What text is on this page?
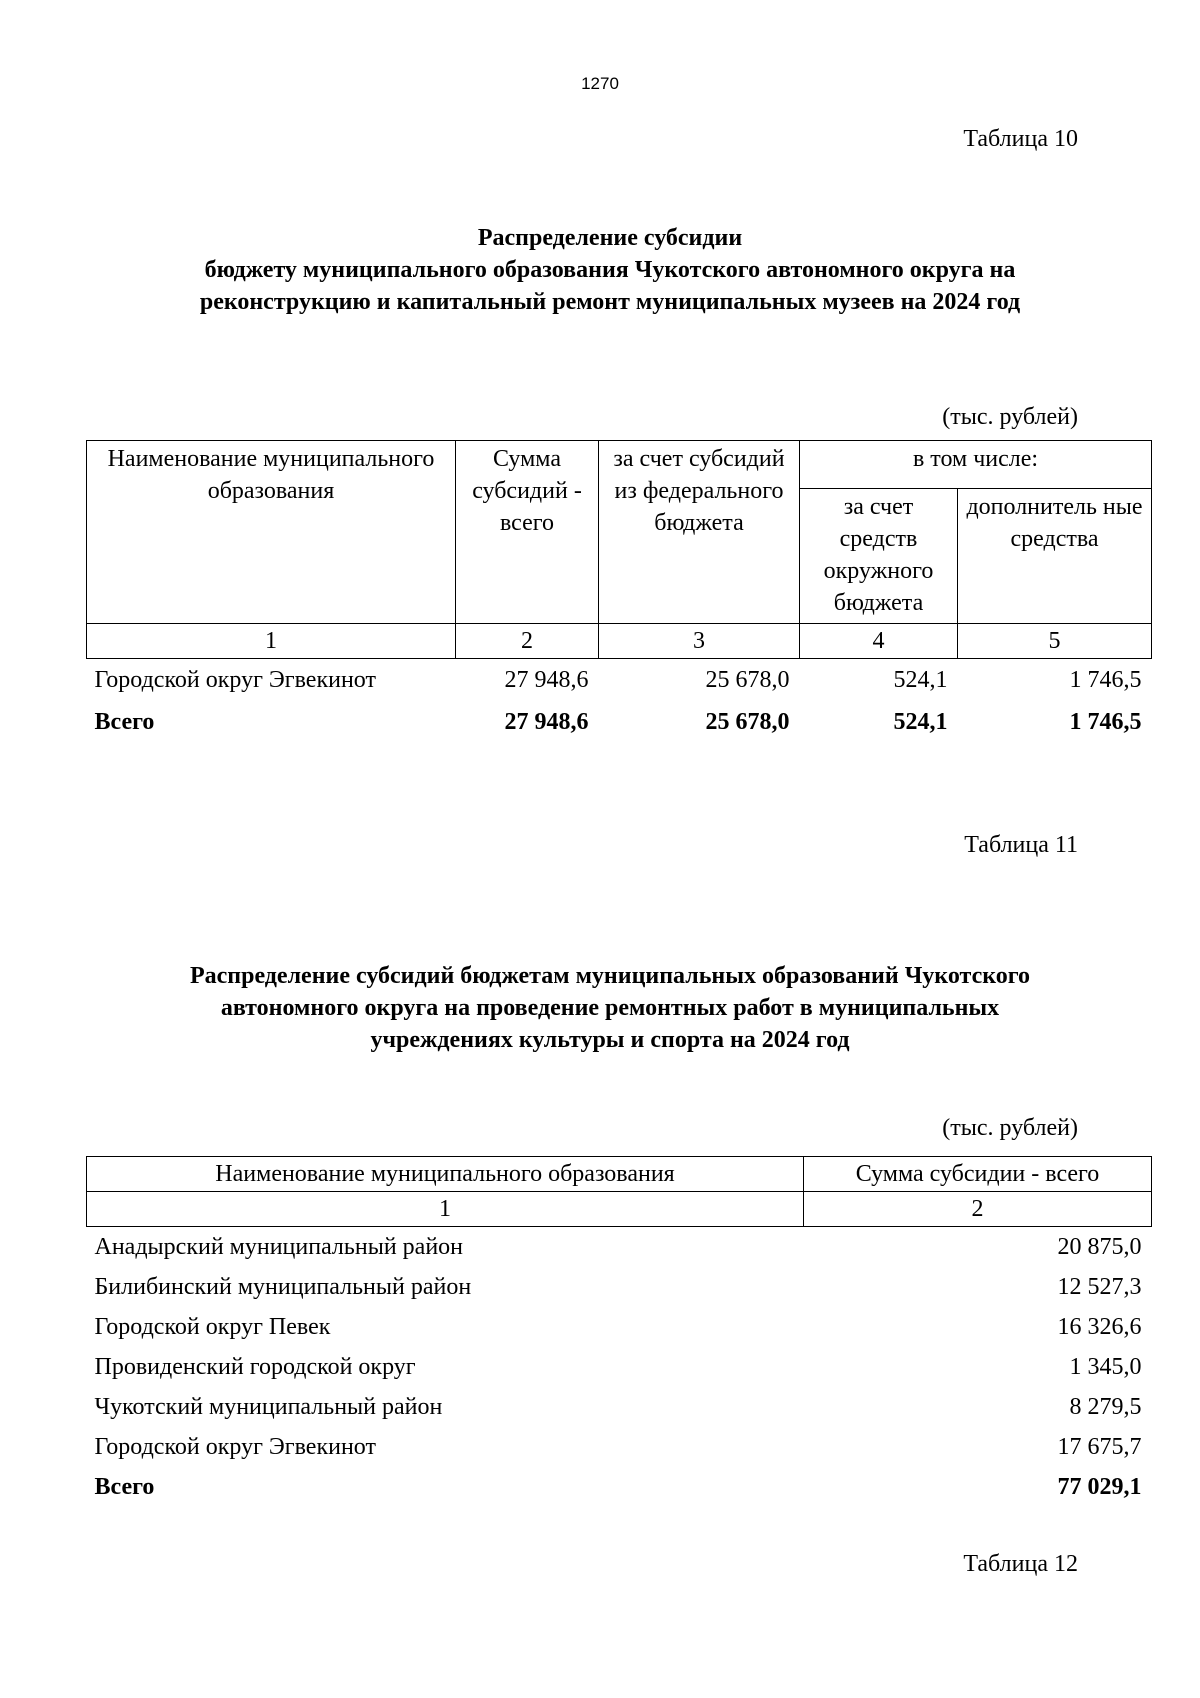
1270
Таблица 10
Распределение субсидии
бюджету муниципального образования Чукотского автономного округа на
реконструкцию и капитальный ремонт муниципальных музеев на 2024 год
(тыс. рублей)
Наименование муниципального образования	Сумма субсидий - всего	за счет субсидий из федерального бюджета	в том числе:	
			за счет средств окружного бюджета	дополнитель ные средства
1	2	3	4	5
Городской округ Эгвекинот	27 948,6	25 678,0	524,1	1 746,5
Всего	27 948,6	25 678,0	524,1	1 746,5
Таблица 11
Распределение субсидий бюджетам муниципальных образований Чукотского
автономного округа на проведение ремонтных работ в муниципальных
учреждениях культуры и спорта на 2024 год
(тыс. рублей)
Наименование муниципального образования	Сумма субсидии - всего
1	2
Анадырский муниципальный район	20 875,0
Билибинский муниципальный район	12 527,3
Городской округ Певек	16 326,6
Провиденский городской округ	1 345,0
Чукотский муниципальный район	8 279,5
Городской округ Эгвекинот	17 675,7
Всего	77 029,1
Таблица 12
